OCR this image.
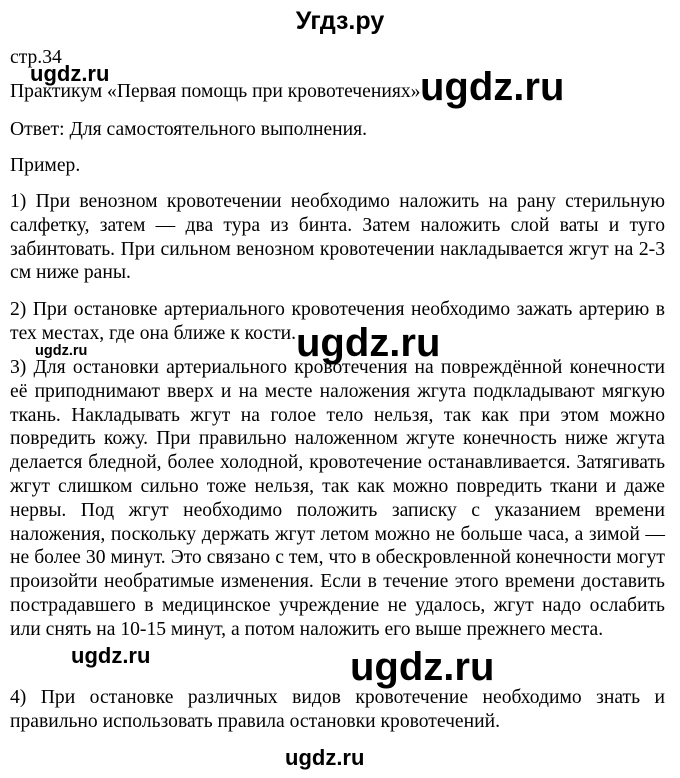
Угдз.ру
стр.34
Практикум «Первая помощь при кровотечениях»
Ответ: Для самостоятельного выполнения.
Пример.

1) При венозном кровотечении необходимо наложить на рану стерильную салфетку, затем — два тура из бинта. Затем наложить слой ваты и туго забинтовать. При сильном венозном кровотечении накладывается жгут на 2-3 см ниже раны.

2) При остановке артериального кровотечения необходимо зажать артерию в тех местах, где она ближе к кости.

3) Для остановки артериального кровотечения на повреждённой конечности её приподнимают вверх и на месте наложения жгута подкладывают мягкую ткань. Накладывать жгут на голое тело нельзя, так как при этом можно повредить кожу. При правильно наложенном жгуте конечность ниже жгута делается бледной, более холодной, кровотечение останавливается. Затягивать жгут слишком сильно тоже нельзя, так как можно повредить ткани и даже нервы. Под жгут необходимо положить записку с указанием времени наложения, поскольку держать жгут летом можно не больше часа, а зимой — не более 30 минут. Это связано с тем, что в обескровленной конечности могут произойти необратимые изменения. Если в течение этого времени доставить пострадавшего в медицинское учреждение не удалось, жгут надо ослабить или снять на 10-15 минут, а потом наложить его выше прежнего места.

4) При остановке различных видов кровотечение необходимо знать и правильно использовать правила остановки кровотечений.

ugdz.ru	ugdz.ru
ugdz.ru
ugdz.ru
ugdz.ru	ugdz.ru
ugdz.ru
